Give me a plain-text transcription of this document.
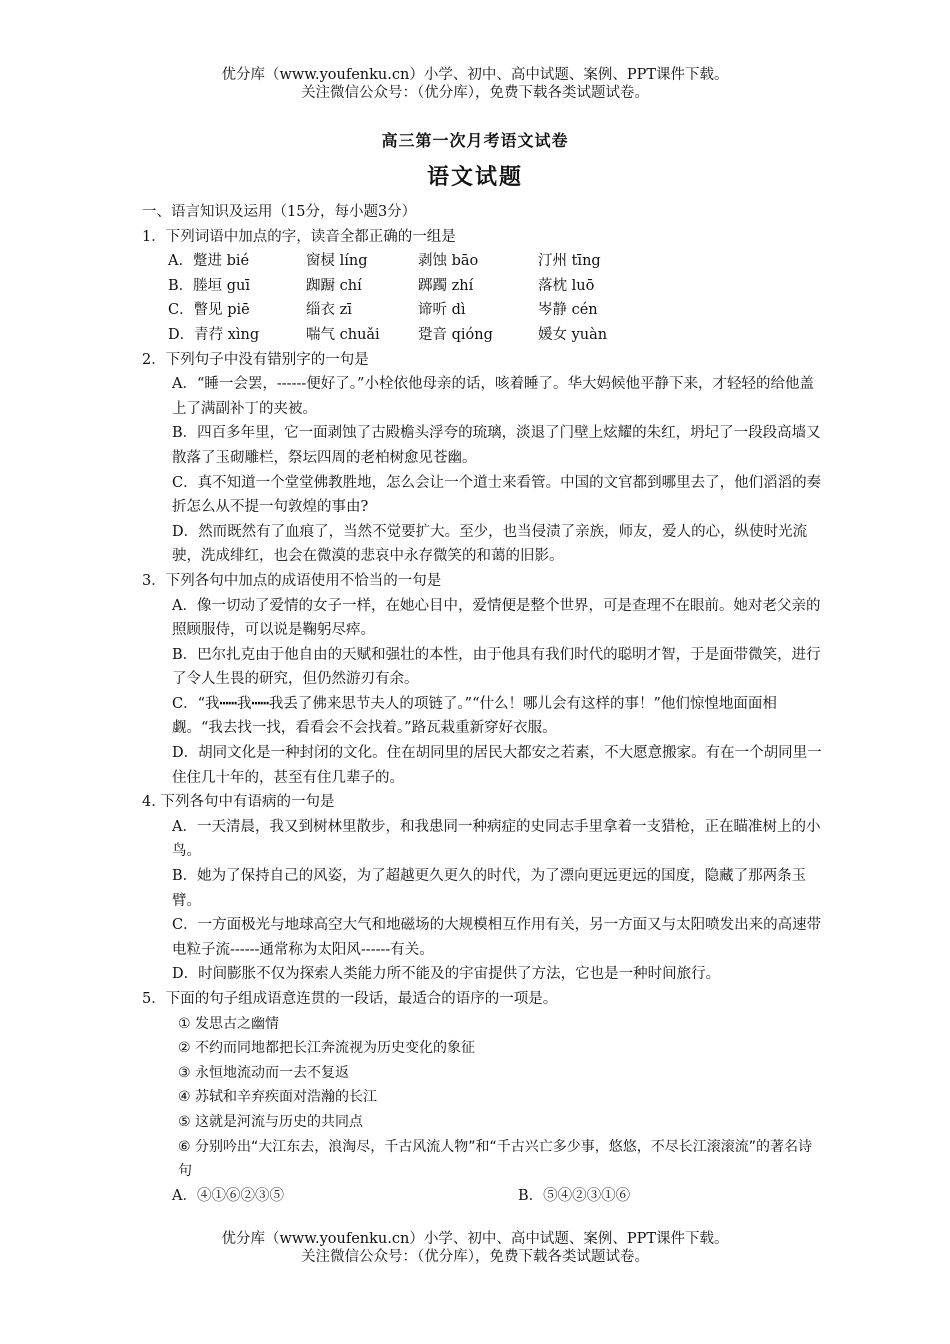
优分库（www.youfenku.cn）小学、初中、高中试题、案例、PPT课件下载。
关注微信公众号：（优分库），免费下载各类试题试卷。
高三第一次月考语文试卷
语文试题
一、语言知识及运用（15分，每小题3分）
1．下列词语中加点的字，读音全都正确的一组是
A．蹩进 bié	窗棂 líng	剥蚀 bāo	汀州 tīng
B．塍垣 guī	踟蹰 chí	踯躅 zhí	落枕 luō
C．瞥见 piē	缁衣 zī	谛听 dì	岑静 cén
D．青荇 xìng	喘气 chuǎi	跫音 qióng	媛女 yuàn
2．下列句子中没有错别字的一句是
A．“睡一会罢，------便好了。”小栓依他母亲的话，咳着睡了。华大妈候他平静下来，才轻轻的给他盖上了满副补丁的夹被。
B．四百多年里，它一面剥蚀了古殿檐头浮夸的琉璃，淡退了门壁上炫耀的朱红，坍圮了一段段高墙又散落了玉砌雕栏，祭坛四周的老柏树愈见苍幽。
C．真不知道一个堂堂佛教胜地，怎么会让一个道士来看管。中国的文官都到哪里去了，他们滔滔的奏折怎么从不提一句敦煌的事由?
D．然而既然有了血痕了，当然不觉要扩大。至少，也当侵渍了亲族，师友，爱人的心，纵使时光流驶，洗成绯红，也会在微漠的悲哀中永存微笑的和蔼的旧影。
3．下列各句中加点的成语使用不恰当的一句是
A．像一切动了爱情的女子一样，在她心目中，爱情便是整个世界，可是查理不在眼前。她对老父亲的照顾服侍，可以说是鞠躬尽瘁。
B．巴尔扎克由于他自由的天赋和强壮的本性，由于他具有我们时代的聪明才智，于是面带微笑，进行了令人生畏的研究，但仍然游刃有余。
C．“我┅┅我┅┅我丢了佛来思节夫人的项链了。”“什么！哪儿会有这样的事！”他们惊惶地面面相觑。“我去找一找，看看会不会找着。”路瓦栽重新穿好衣服。
D．胡同文化是一种封闭的文化。住在胡同里的居民大都安之若素，不大愿意搬家。有在一个胡同里一住住几十年的，甚至有住几辈子的。
4. 下列各句中有语病的一句是
A．一天清晨，我又到树林里散步，和我患同一种病症的史同志手里拿着一支猎枪，正在瞄准树上的小鸟。
B．她为了保持自己的风姿，为了超越更久更久的时代，为了漂向更远更远的国度，隐藏了那两条玉臂。
C．一方面极光与地球高空大气和地磁场的大规模相互作用有关，另一方面又与太阳喷发出来的高速带电粒子流------通常称为太阳风------有关。
D．时间膨胀不仅为探索人类能力所不能及的宇宙提供了方法，它也是一种时间旅行。
5．下面的句子组成语意连贯的一段话，最适合的语序的一项是。
① 发思古之幽情
② 不约而同地都把长江奔流视为历史变化的象征
③ 永恒地流动而一去不复返
④ 苏轼和辛弃疾面对浩瀚的长江
⑤ 这就是河流与历史的共同点
⑥ 分别吟出“大江东去，浪淘尽，千古风流人物”和“千古兴亡多少事，悠悠，不尽长江滚滚流”的著名诗句
A．④①⑥②③⑤	B．⑤④②③①⑥
优分库（www.youfenku.cn）小学、初中、高中试题、案例、PPT课件下载。
关注微信公众号：（优分库），免费下载各类试题试卷。
